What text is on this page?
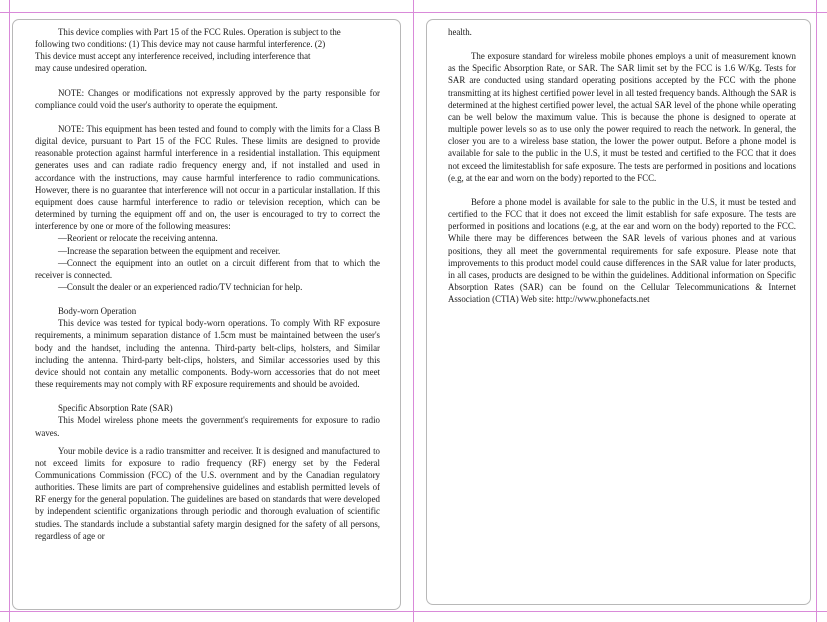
This device complies with Part 15 of the FCC Rules. Operation is subject to the

following two conditions: (1) This device may not cause harmful interference. (2)

This device must accept any interference received, including interference that

may cause undesired operation.

NOTE: Changes or modifications not expressly approved by the party responsible for compliance could void the user's authority to operate the equipment.

NOTE: This equipment has been tested and found to comply with the limits for a Class B digital device, pursuant to Part 15 of the FCC Rules. These limits are designed to provide reasonable protection against harmful interference in a residential installation. This equipment generates uses and can radiate radio frequency energy and, if not installed and used in accordance with the instructions, may cause harmful interference to radio communications. However, there is no guarantee that interference will not occur in a particular installation. If this equipment does cause harmful interference to radio or television reception, which can be determined by turning the equipment off and on, the user is encouraged to try to correct the interference by one or more of the following measures:

—Reorient or relocate the receiving antenna.

—Increase the separation between the equipment and receiver.

—Connect the equipment into an outlet on a circuit different from that to which the receiver is connected.

—Consult the dealer or an experienced radio/TV technician for help.

Body-worn Operation

This device was tested for typical body-worn operations. To comply With RF exposure requirements, a minimum separation distance of 1.5cm must be maintained between the user's body and the handset, including the antenna. Third-party belt-clips, holsters, and Similar including the antenna. Third-party belt-clips, holsters, and Similar accessories used by this device should not contain any metallic components. Body-worn accessories that do not meet these requirements may not comply with RF exposure requirements and should be avoided.

Specific Absorption Rate (SAR)

This Model wireless phone meets the government's requirements for exposure to radio waves.

Your mobile device is a radio transmitter and receiver. It is designed and manufactured to not exceed limits for exposure to radio frequency (RF) energy set by the Federal Communications Commission (FCC) of the U.S. overnment and by the Canadian regulatory authorities. These limits are part of comprehensive guidelines and establish permitted levels of RF energy for the general population. The guidelines are based on standards that were developed by independent scientific organizations through periodic and thorough evaluation of scientific studies. The standards include a substantial safety margin designed for the safety of all persons, regardless of age or

health.

The exposure standard for wireless mobile phones employs a unit of measurement known as the Specific Absorption Rate, or SAR. The SAR limit set by the FCC is 1.6 W/Kg. Tests for SAR are conducted using standard operating positions accepted by the FCC with the phone transmitting at its highest certified power level in all tested frequency bands. Although the SAR is determined at the highest certified power level, the actual SAR level of the phone while operating can be well below the maximum value. This is because the phone is designed to operate at multiple power levels so as to use only the power required to reach the network. In general, the closer you are to a wireless base station, the lower the power output. Before a phone model is available for sale to the public in the U.S, it must be tested and certified to the FCC that it does not exceed the limitestablish for safe exposure. The tests are performed in positions and locations (e.g, at the ear and worn on the body) reported to the FCC.

Before a phone model is available for sale to the public in the U.S, it must be tested and certified to the FCC that it does not exceed the limit establish for safe exposure. The tests are performed in positions and locations (e.g, at the ear and worn on the body) reported to the FCC. While there may be differences between the SAR levels of various phones and at various positions, they all meet the governmental requirements for safe exposure. Please note that improvements to this product model could cause differences in the SAR value for later products, in all cases, products are designed to be within the guidelines. Additional information on Specific Absorption Rates (SAR) can be found on the Cellular Telecommunications & Internet Association (CTIA) Web site: http://www.phonefacts.net
